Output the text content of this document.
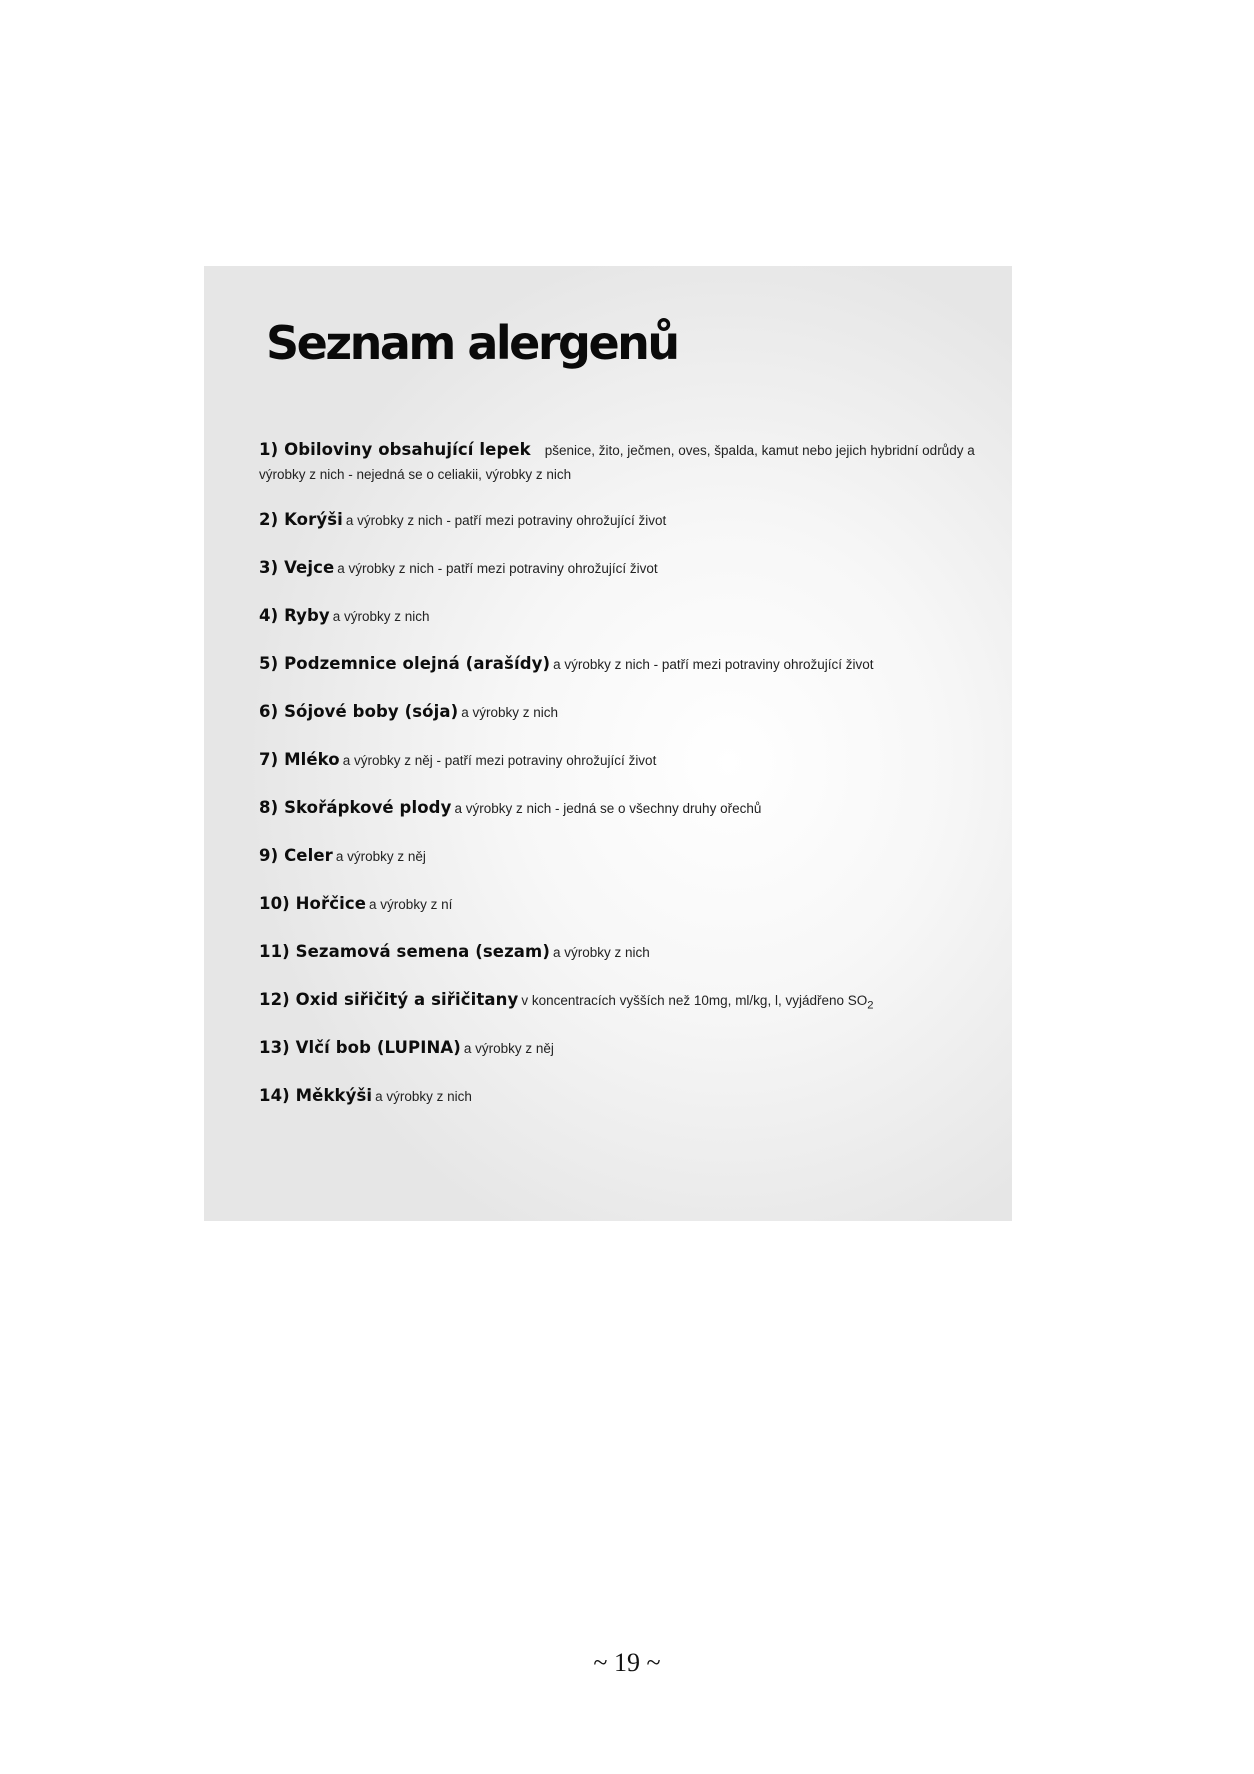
Seznam alergenů
1) Obiloviny obsahující lepek pšenice, žito, ječmen, oves, špalda, kamut nebo jejich hybridní odrůdy a výrobky z nich - nejedná se o celiakii, výrobky z nich
2) Korýši a výrobky z nich - patří mezi potraviny ohrožující život
3) Vejce a výrobky z nich - patří mezi potraviny ohrožující život
4) Ryby a výrobky z nich
5) Podzemnice olejná (arašídy) a výrobky z nich - patří mezi potraviny ohrožující život
6) Sójové boby (sója) a výrobky z nich
7) Mléko a výrobky z něj - patří mezi potraviny ohrožující život
8) Skořápkové plody a výrobky z nich - jedná se o všechny druhy ořechů
9) Celer a výrobky z něj
10) Hořčice a výrobky z ní
11) Sezamová semena (sezam) a výrobky z nich
12) Oxid siřičitý a siřičitany v koncentracích vyšších než 10mg, ml/kg, l, vyjádřeno $SO_2$
13) Vlčí bob (LUPINA) a výrobky z něj
14) Měkkýši a výrobky z nich
~ 19 ~
